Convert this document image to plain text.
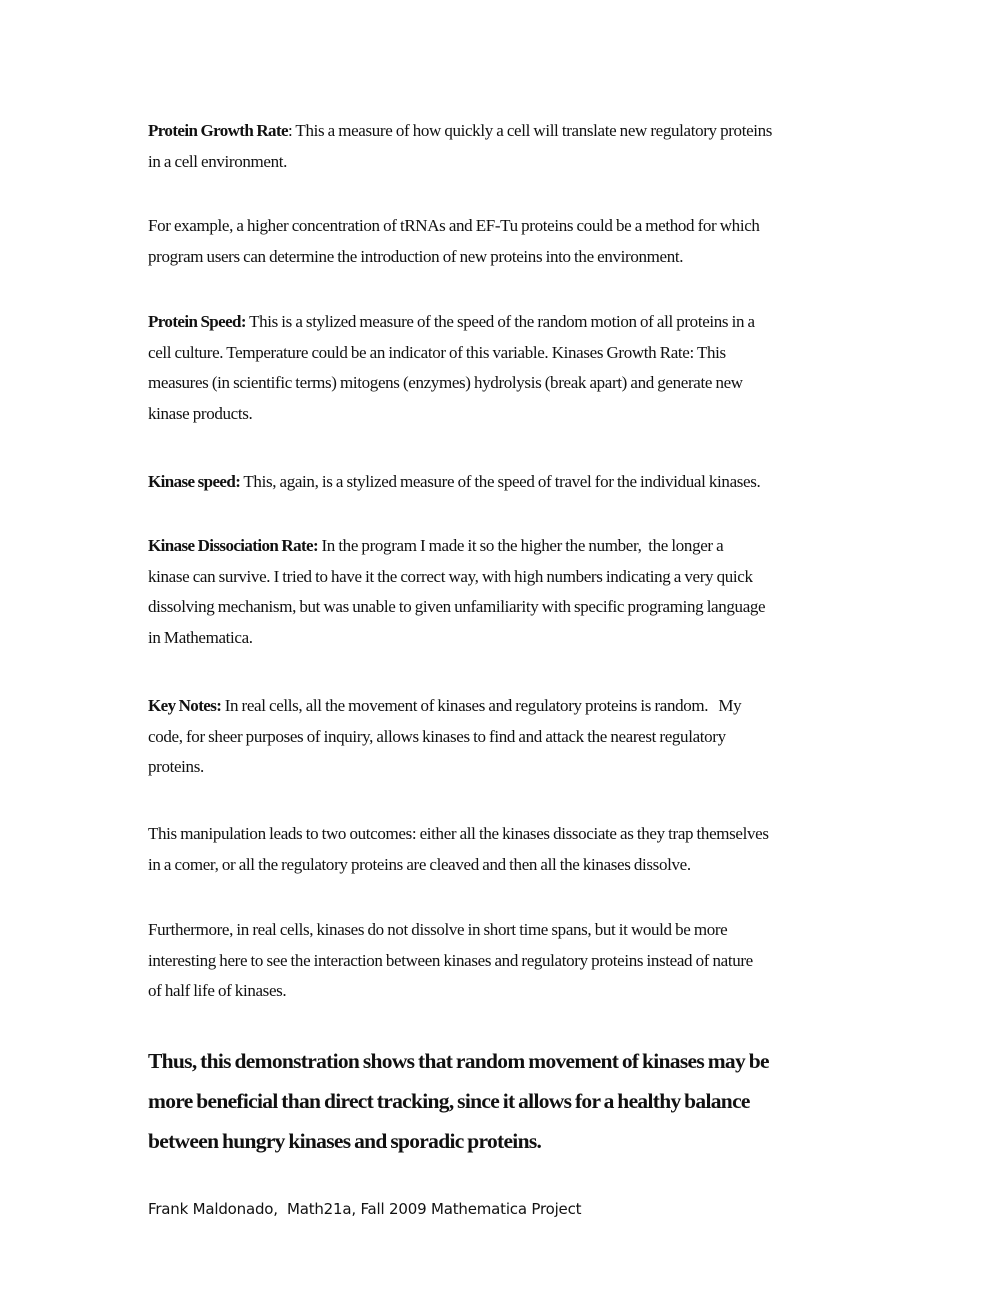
Protein Growth Rate: This a measure of how quickly a cell will translate new regulatory proteins
in a cell environment.

For example, a higher concentration of tRNAs and EF-Tu proteins could be a method for which
program users can determine the introduction of new proteins into the environment.

Protein Speed: This is a stylized measure of the speed of the random motion of all proteins in a
cell culture. Temperature could be an indicator of this variable. Kinases Growth Rate: This
measures (in scientific terms) mitogens (enzymes) hydrolysis (break apart) and generate new
kinase products.

Kinase speed: This, again, is a stylized measure of the speed of travel for the individual kinases.

Kinase Dissociation Rate: In the program I made it so the higher the number,  the longer a
kinase can survive. I tried to have it the correct way, with high numbers indicating a very quick
dissolving mechanism, but was unable to given unfamiliarity with specific programing language
in Mathematica.

Key Notes: In real cells, all the movement of kinases and regulatory proteins is random.   My
code, for sheer purposes of inquiry, allows kinases to find and attack the nearest regulatory
proteins.

This manipulation leads to two outcomes: either all the kinases dissociate as they trap themselves
in a comer, or all the regulatory proteins are cleaved and then all the kinases dissolve.

Furthermore, in real cells, kinases do not dissolve in short time spans, but it would be more
interesting here to see the interaction between kinases and regulatory proteins instead of nature
of half life of kinases.

Thus, this demonstration shows that random movement of kinases may be
more beneficial than direct tracking, since it allows for a healthy balance
between hungry kinases and sporadic proteins.
Frank Maldonado,  Math21a, Fall 2009 Mathematica Project
